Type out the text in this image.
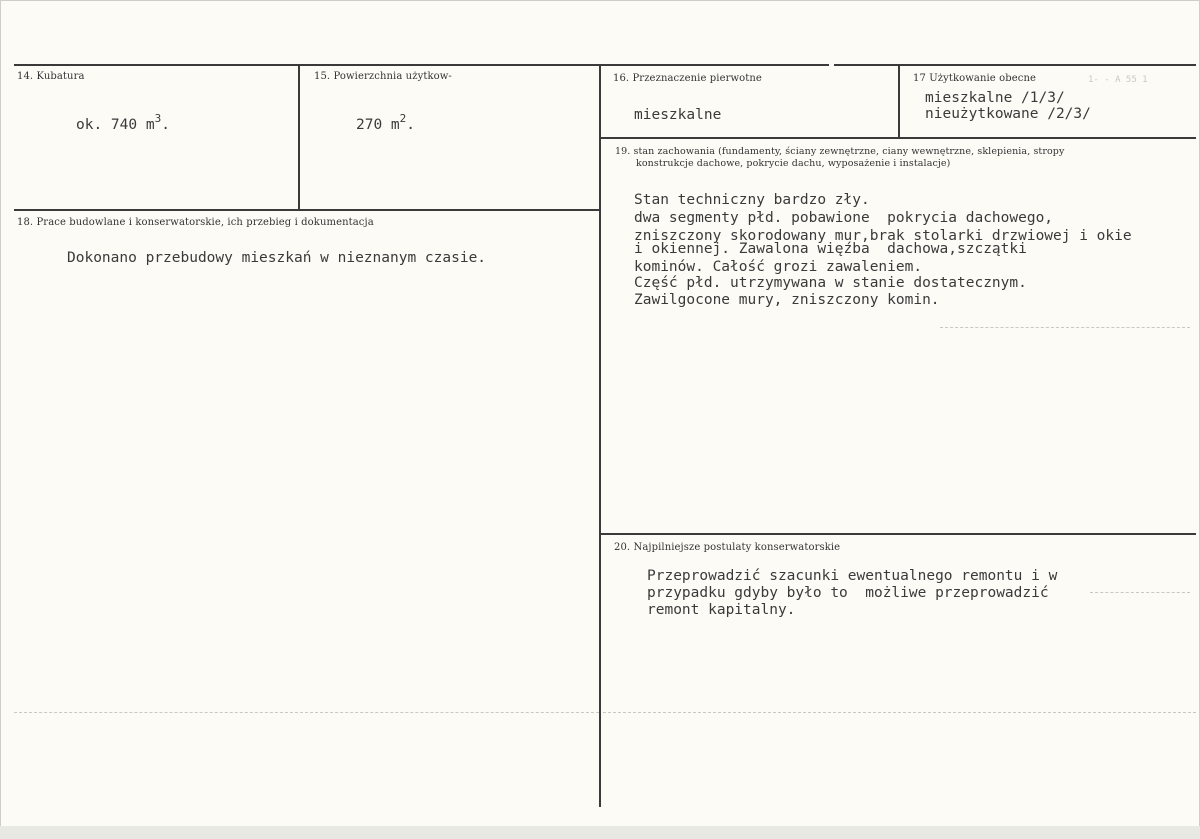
14. Kubatura
ok. 740 $m^3$.
15. Powierzchnia użytkow-
270 $m^2$.
16. Przeznaczenie pierwotne
mieszkalne
17 Użytkowanie obecne	1- - A 55 1
mieszkalne /1/3/
nieużytkowane /2/3/
18. Prace budowlane i konserwatorskie, ich przebieg i dokumentacja
Dokonano przebudowy mieszkań w nieznanym czasie.
19. stan zachowania (fundamenty, ściany zewnętrzne, ciany wewnętrzne, sklepienia, stropy
konstrukcje dachowe, pokrycie dachu, wyposażenie i instalacje)
Stan techniczny bardzo zły.
dwa segmenty płd. pobawione  pokrycia dachowego,
zniszczony skorodowany mur,brak stolarki drzwiowej i okie
i okiennej. Zawalona więźba  dachowa,szczątki
kominów. Całość grozi zawaleniem.
Część płd. utrzymywana w stanie dostatecznym.
Zawilgocone mury, zniszczony komin.
20. Najpilniejsze postulaty konserwatorskie
Przeprowadzić szacunki ewentualnego remontu i w
przypadku gdyby było to  możliwe przeprowadzić
remont kapitalny.
